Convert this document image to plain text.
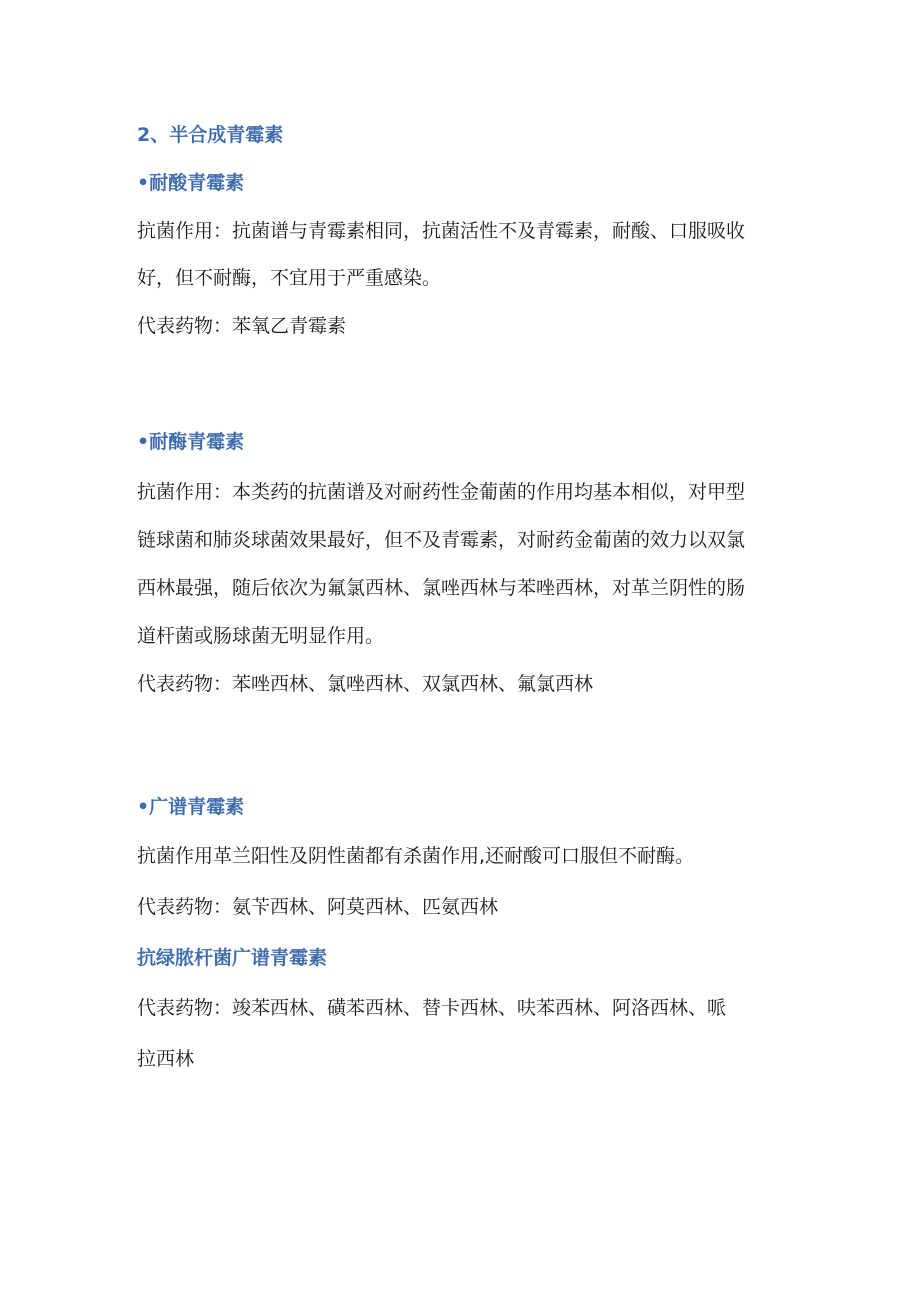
2、半合成青霉素
•耐酸青霉素
抗菌作用：抗菌谱与青霉素相同，抗菌活性不及青霉素，耐酸、口服吸收
好，但不耐酶，不宜用于严重感染。
代表药物：苯氧乙青霉素
•耐酶青霉素
抗菌作用：本类药的抗菌谱及对耐药性金葡菌的作用均基本相似，对甲型
链球菌和肺炎球菌效果最好，但不及青霉素，对耐药金葡菌的效力以双氯
西林最强，随后依次为氟氯西林、氯唑西林与苯唑西林，对革兰阴性的肠
道杆菌或肠球菌无明显作用。
代表药物：苯唑西林、氯唑西林、双氯西林、氟氯西林
•广谱青霉素
抗菌作用革兰阳性及阴性菌都有杀菌作用,还耐酸可口服但不耐酶。
代表药物：氨苄西林、阿莫西林、匹氨西林
抗绿脓杆菌广谱青霉素
代表药物：竣苯西林、磺苯西林、替卡西林、呋苯西林、阿洛西林、哌
拉西林
